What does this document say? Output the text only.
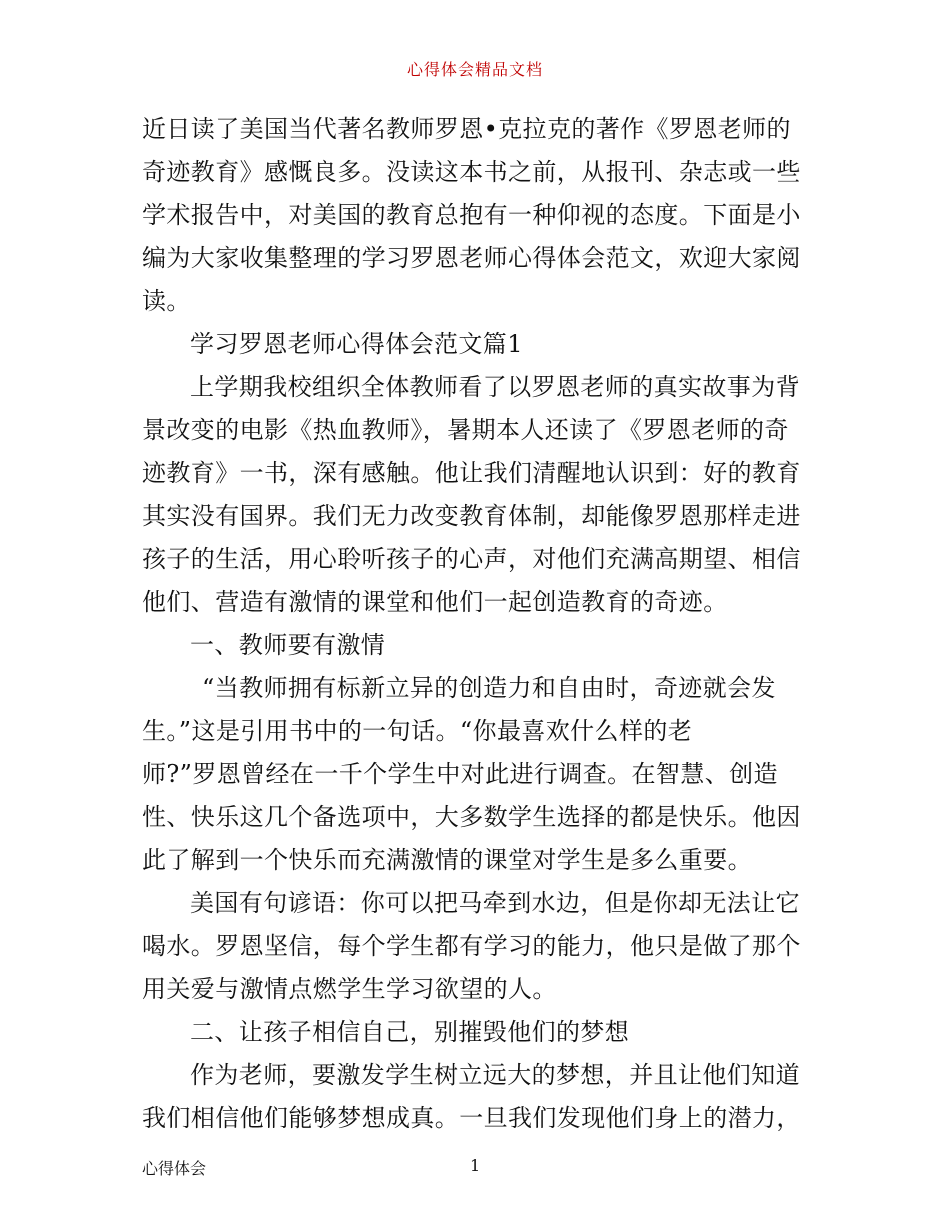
心得体会精品文档
近日读了美国当代著名教师罗恩•克拉克的著作《罗恩老师的
奇迹教育》感慨良多。没读这本书之前，从报刊、杂志或一些
学术报告中，对美国的教育总抱有一种仰视的态度。下面是小
编为大家收集整理的学习罗恩老师心得体会范文，欢迎大家阅
读。
学习罗恩老师心得体会范文篇1
上学期我校组织全体教师看了以罗恩老师的真实故事为背
景改变的电影《热血教师》，暑期本人还读了《罗恩老师的奇
迹教育》一书，深有感触。他让我们清醒地认识到：好的教育
其实没有国界。我们无力改变教育体制，却能像罗恩那样走进
孩子的生活，用心聆听孩子的心声，对他们充满高期望、相信
他们、营造有激情的课堂和他们一起创造教育的奇迹。
一、教师要有激情
“当教师拥有标新立异的创造力和自由时，奇迹就会发
生。”这是引用书中的一句话。“你最喜欢什么样的老
师?”罗恩曾经在一千个学生中对此进行调查。在智慧、创造
性、快乐这几个备选项中，大多数学生选择的都是快乐。他因
此了解到一个快乐而充满激情的课堂对学生是多么重要。
美国有句谚语：你可以把马牵到水边，但是你却无法让它
喝水。罗恩坚信，每个学生都有学习的能力，他只是做了那个
用关爱与激情点燃学生学习欲望的人。
二、让孩子相信自己，别摧毁他们的梦想
作为老师，要激发学生树立远大的梦想，并且让他们知道
我们相信他们能够梦想成真。一旦我们发现他们身上的潜力，
心得体会	1
